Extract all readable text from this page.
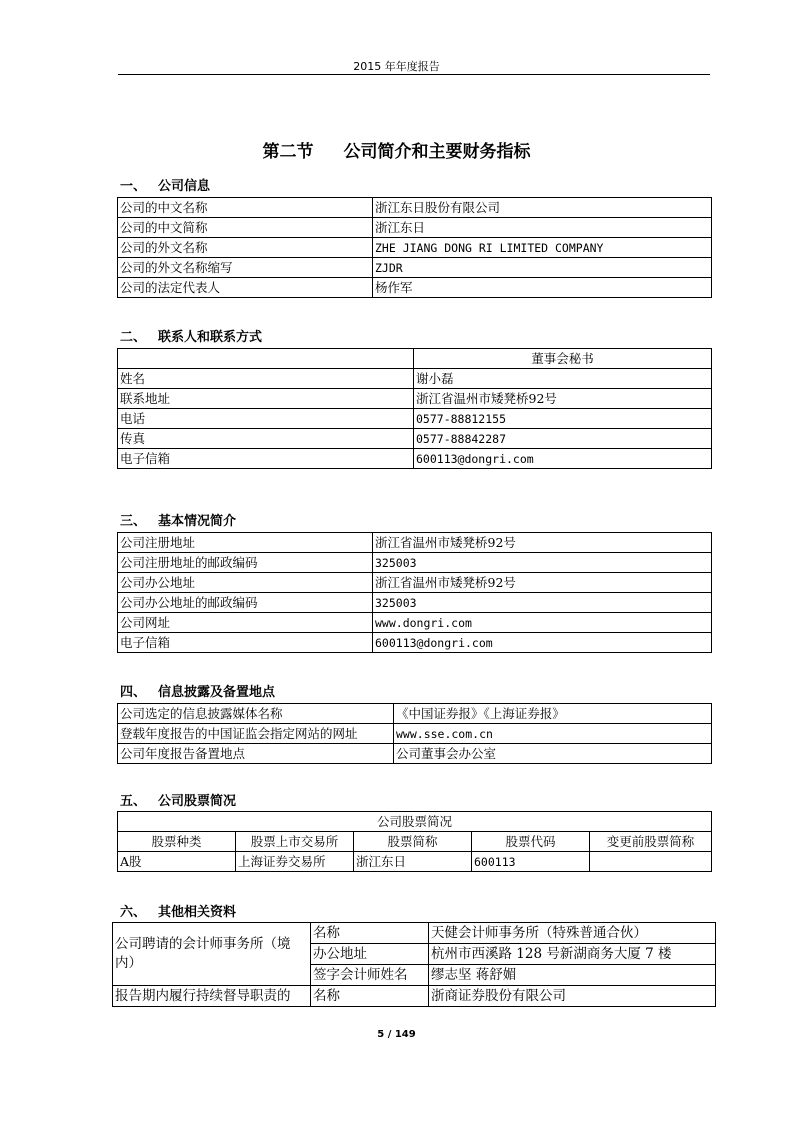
2015 年年度报告
第二节 公司简介和主要财务指标
一、 公司信息
公司的中文名称	浙江东日股份有限公司
公司的中文简称	浙江东日
公司的外文名称	ZHE JIANG DONG RI LIMITED COMPANY
公司的外文名称缩写	ZJDR
公司的法定代表人	杨作军
二、 联系人和联系方式
	董事会秘书
姓名	谢小磊
联系地址	浙江省温州市矮凳桥92号
电话	0577-88812155
传真	0577-88842287
电子信箱	600113@dongri.com
三、 基本情况简介
公司注册地址	浙江省温州市矮凳桥92号
公司注册地址的邮政编码	325003
公司办公地址	浙江省温州市矮凳桥92号
公司办公地址的邮政编码	325003
公司网址	www.dongri.com
电子信箱	600113@dongri.com
四、 信息披露及备置地点
公司选定的信息披露媒体名称	《中国证券报》《上海证券报》
登载年度报告的中国证监会指定网站的网址	www.sse.com.cn
公司年度报告备置地点	公司董事会办公室
五、 公司股票简况
公司股票简况				
股票种类	股票上市交易所	股票简称	股票代码	变更前股票简称
A股	上海证券交易所	浙江东日	600113	
六、 其他相关资料
公司聘请的会计师事务所（境内）	名称	天健会计师事务所（特殊普通合伙）
	办公地址	杭州市西溪路 128 号新湖商务大厦 7 楼
	签字会计师姓名	缪志坚 蒋舒媚
报告期内履行持续督导职责的	名称	浙商证券股份有限公司
5 / 149
